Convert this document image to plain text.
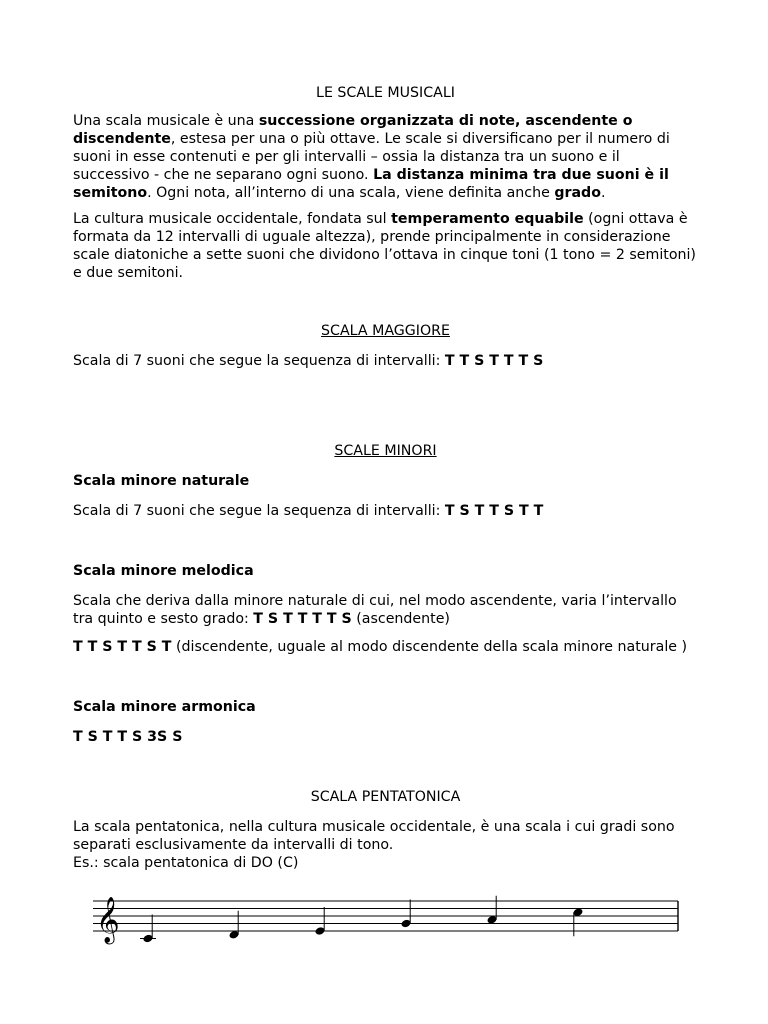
LE SCALE MUSICALI

Una scala musicale è una successione organizzata di note, ascendente o discendente, estesa per una o più ottave. Le scale si diversificano per il numero di suoni in esse contenuti e per gli intervalli – ossia la distanza tra un suono e il successivo - che ne separano ogni suono. La distanza minima tra due suoni è il semitono. Ogni nota, all’interno di una scala, viene definita anche grado.

La cultura musicale occidentale, fondata sul temperamento equabile (ogni ottava è formata da 12 intervalli di uguale altezza), prende principalmente in considerazione scale diatoniche a sette suoni che dividono l’ottava in cinque toni (1 tono = 2 semitoni) e due semitoni.

SCALA MAGGIORE

Scala di 7 suoni che segue la sequenza di intervalli: T T S T T T S

SCALE MINORI

Scala minore naturale

Scala di 7 suoni che segue la sequenza di intervalli: T S T T S T T

Scala minore melodica

Scala che deriva dalla minore naturale di cui, nel modo ascendente, varia l’intervallo tra quinto e sesto grado: T S T T T T S (ascendente)

T T S T T S T (discendente, uguale al modo discendente della scala minore naturale )

Scala minore armonica

T S T T S 3S S

SCALA PENTATONICA

La scala pentatonica, nella cultura musicale occidentale, è una scala i cui gradi sono separati esclusivamente da intervalli di tono.

Es.: scala pentatonica di DO (C)

𝄞
